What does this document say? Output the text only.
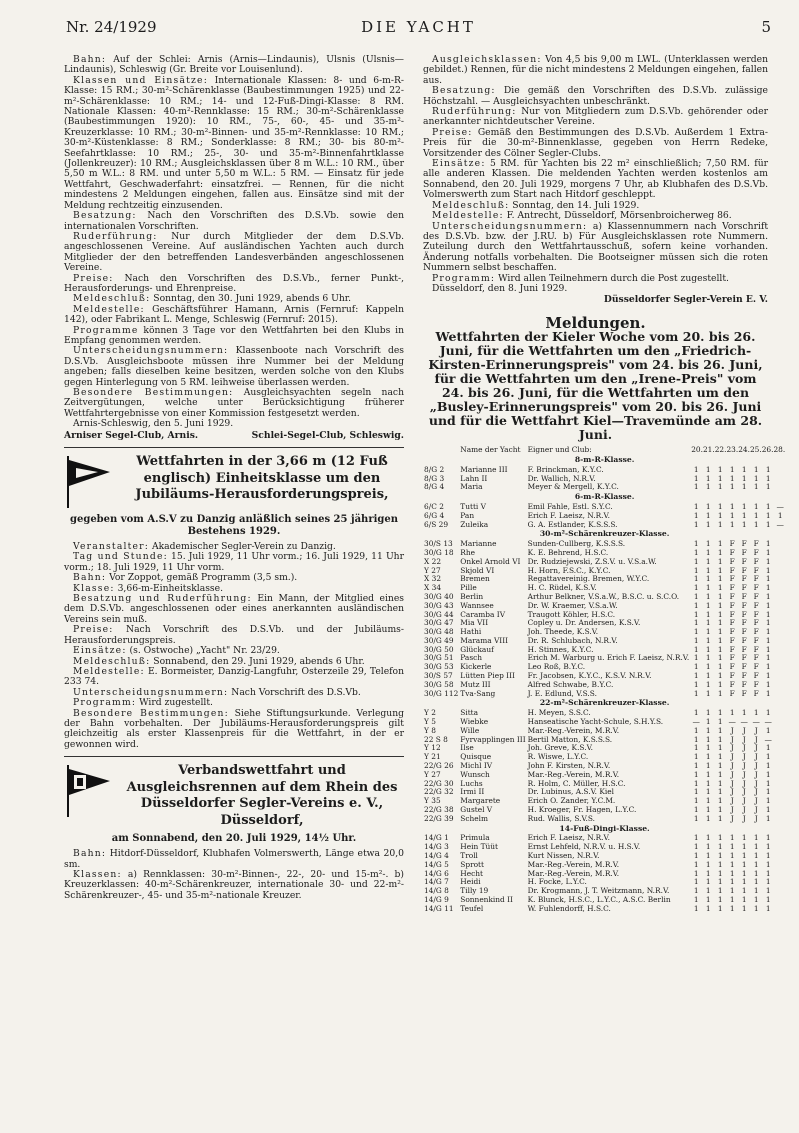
Nr. 24/1929	DIE YACHT	5
Bahn: Auf der Schlei: Arnis (Arnis—Lindaunis), Ulsnis (Ulsnis—Lindaunis), Schleswig (Gr. Breite vor Louisenlund).
Klassen und Einsätze: Internationale Klassen: 8- und 6-m-R-Klasse: 15 RM.; 30-m²-Schärenklasse (Baubestimmungen 1925) und 22-m²-Schärenklasse: 10 RM.; 14- und 12-Fuß-Dingi-Klasse: 8 RM. Nationale Klassen: 40-m²-Rennklasse: 15 RM.; 30-m²-Schärenklasse (Baubestimmungen 1920): 10 RM., 75-, 60-, 45- und 35-m²-Kreuzerklasse: 10 RM.; 30-m²-Binnen- und 35-m²-Rennklasse: 10 RM.; 30-m²-Küstenklasse: 8 RM.; Sonderklasse: 8 RM.; 30- bis 80-m²-Seefahrtklasse: 10 RM.; 25-, 30- und 35-m²-Binnenfahrtklasse (Jollenkreuzer): 10 RM.; Ausgleichsklassen über 8 m W.L.: 10 RM., über 5,50 m W.L.: 8 RM. und unter 5,50 m W.L.: 5 RM. — Einsatz für jede Wettfahrt, Geschwaderfahrt: einsatzfrei. — Rennen, für die nicht mindestens 2 Meldungen eingehen, fallen aus. Einsätze sind mit der Meldung rechtzeitig einzusenden.
Besatzung: Nach den Vorschriften des D.S.Vb. sowie den internationalen Vorschriften.
Ruderführung: Nur durch Mitglieder der dem D.S.Vb. angeschlossenen Vereine. Auf ausländischen Yachten auch durch Mitglieder der den betreffenden Landesverbänden angeschlossenen Vereine.
Preise: Nach den Vorschriften des D.S.Vb., ferner Punkt-, Herausforderungs- und Ehrenpreise.
Meldeschluß: Sonntag, den 30. Juni 1929, abends 6 Uhr.
Meldestelle: Geschäftsführer Hamann, Arnis (Fernruf: Kappeln 142), oder Fabrikant L. Menge, Schleswig (Fernruf: 2015).
Programme können 3 Tage vor den Wettfahrten bei den Klubs in Empfang genommen werden.
Unterscheidungsnummern: Klassenboote nach Vorschrift des D.S.Vb. Ausgleichsboote müssen ihre Nummer bei der Meldung angeben; falls dieselben keine besitzen, werden solche von den Klubs gegen Hinterlegung von 5 RM. leihweise überlassen werden.
Besondere Bestimmungen: Ausgleichsyachten segeln nach Zeitvergütungen, welche unter Berücksichtigung früherer Wettfahrtergebnisse von einer Kommission festgesetzt werden.
Arnis-Schleswig, den 5. Juni 1929.
Arniser Segel-Club, Arnis.	Schlei-Segel-Club, Schleswig.
Wettfahrten in der 3,66 m (12 Fuß englisch) Einheitsklasse um den Jubiläums-Herausforderungspreis,
gegeben vom A.S.V zu Danzig anläßlich seines 25 jährigen Bestehens 1929.
Veranstalter: Akademischer Segler-Verein zu Danzig.
Tag und Stunde: 15. Juli 1929, 11 Uhr vorm.; 16. Juli 1929, 11 Uhr vorm.; 18. Juli 1929, 11 Uhr vorm.
Bahn: Vor Zoppot, gemäß Programm (3,5 sm.).
Klasse: 3,66-m-Einheitsklasse.
Besatzung und Ruderführung: Ein Mann, der Mitglied eines dem D.S.Vb. angeschlossenen oder eines anerkannten ausländischen Vereins sein muß.
Preise: Nach Vorschrift des D.S.Vb. und der Jubiläums-Herausforderungspreis.
Einsätze: (s. Ostwoche) „Yacht" Nr. 23/29.
Meldeschluß: Sonnabend, den 29. Juni 1929, abends 6 Uhr.
Meldestelle: E. Bormeister, Danzig-Langfuhr, Osterzeile 29, Telefon 233 74.
Unterscheidungsnummern: Nach Vorschrift des D.S.Vb.
Programm: Wird zugestellt.
Besondere Bestimmungen: Siehe Stiftungsurkunde. Verlegung der Bahn vorbehalten. Der Jubiläums-Herausforderungspreis gilt gleichzeitig als erster Klassenpreis für die Wettfahrt, in der er gewonnen wird.
Verbandswettfahrt und Ausgleichsrennen auf dem Rhein des Düsseldorfer Segler-Vereins e. V., Düsseldorf,
am Sonnabend, den 20. Juli 1929, 14½ Uhr.
Bahn: Hitdorf-Düsseldorf, Klubhafen Volmerswerth, Länge etwa 20,0 sm.
Klassen: a) Rennklassen: 30-m²-Binnen-, 22-, 20- und 15-m²-. b) Kreuzerklassen: 40-m²-Schärenkreuzer, internationale 30- und 22-m²-Schärenkreuzer-, 45- und 35-m²-nationale Kreuzer.
Ausgleichsklassen: Von 4,5 bis 9,00 m LWL. (Unterklassen werden gebildet.) Rennen, für die nicht mindestens 2 Meldungen eingehen, fallen aus.
Besatzung: Die gemäß den Vorschriften des D.S.Vb. zulässige Höchstzahl. — Ausgleichsyachten unbeschränkt.
Ruderführung: Nur von Mitgliedern zum D.S.Vb. gehörender oder anerkannter nichtdeutscher Vereine.
Preise: Gemäß den Bestimmungen des D.S.Vb. Außerdem 1 Extra-Preis für die 30-m²-Binnenklasse, gegeben von Herrn Redeke, Vorsitzender des Cölner Segler-Clubs.
Einsätze: 5 RM. für Yachten bis 22 m² einschließlich; 7,50 RM. für alle anderen Klassen. Die meldenden Yachten werden kostenlos am Sonnabend, den 20. Juli 1929, morgens 7 Uhr, ab Klubhafen des D.S.Vb. Volmerswerth zum Start nach Hitdorf geschleppt.
Meldeschluß: Sonntag, den 14. Juli 1929.
Meldestelle: F. Antrecht, Düsseldorf, Mörsenbroicherweg 86.
Unterscheidungsnummern: a) Klassennummern nach Vorschrift des D.S.Vb. bzw. der J.RU. b) Für Ausgleichsklassen rote Nummern. Zuteilung durch den Wettfahrtausschuß, sofern keine vorhanden. Änderung notfalls vorbehalten. Die Bootseigner müssen sich die roten Nummern selbst beschaffen.
Programm: Wird allen Teilnehmern durch die Post zugestellt.
Düsseldorf, den 8. Juni 1929.
Düsseldorfer Segler-Verein E. V.
Meldungen.
Wettfahrten der Kieler Woche vom 20. bis 26. Juni, für die Wettfahrten um den „Friedrich-Kirsten-Erinnerungspreis" vom 24. bis 26. Juni, für die Wettfahrten um den „Irene-Preis" vom 24. bis 26. Juni, für die Wettfahrten um den „Busley-Erinnerungspreis" vom 20. bis 26. Juni und für die Wettfahrt Kiel—Travemünde am 28. Juni.
	Name der Yacht	Eigner und Club:	20.21.22.23.24.25.26.28.							
8-m-R-Klasse.										
8/G 2	Marianne III	F. Brinckman, K.Y.C.	1	1	1	1	1	1	1	
8/G 3	Lahn II	Dr. Wallich, N.R.V.	1	1	1	1	1	1	1	
8/G 4	Maria	Meyer & Mergell, K.Y.C.	1	1	1	1	1	1	1	
6-m-R-Klasse.										
6/C 2	Tutti V	Emil Fahle, Estl. S.Y.C.	1	1	1	1	1	1	1	—
6/G 4	Pan	Erich F. Laeisz, N.R.V.	1	1	1	1	1	1	1	1
6/S 29	Zuleika	G. A. Estlander, K.S.S.S.	1	1	1	1	1	1	1	—
30-m²-Schärenkreuzer-Klasse.										
30/S 13	Marianne	Sunden-Cullberg, K.S.S.S.	1	1	1	F	F	F	1	
30/G 18	Rhe	K. E. Behrend, H.S.C.	1	1	1	F	F	F	1	
X 22	Onkel Arnold VI	Dr. Rudziejewski, Z.S.V. u. V.S.a.W.	1	1	1	F	F	F	1	
Y 27	Skjold VI	H. Horn, F.S.C., K.Y.C.	1	1	1	F	F	F	1	
X 32	Bremen	Regattavereinig. Bremen, W.Y.C.	1	1	1	F	F	F	1	
X 34	Pille	H. C. Rüdel, K.S.V.	1	1	1	F	F	F	1	
30/G 40	Berlin	Arthur Belkner, V.S.a.W., B.S.C. u. S.C.O.	1	1	1	F	F	F	1	
30/G 43	Wannsee	Dr. W. Kraemer, V.S.a.W.	1	1	1	F	F	F	1	
30/G 44	Caramba IV	Traugott Köhler, H.S.C.	1	1	1	F	F	F	1	
30/G 47	Mia VII	Copley u. Dr. Andersen, K.S.V.	1	1	1	F	F	F	1	
30/G 48	Hathi	Joh. Theede, K.S.V.	1	1	1	F	F	F	1	
30/G 49	Marama VIII	Dr. R. Schlubach, N.R.V.	1	1	1	F	F	F	1	
30/G 50	Glückauf	H. Stinnes, K.Y.C.	1	1	1	F	F	F	1	
30/G 51	Pasch	Erich M. Warburg u. Erich F. Laeisz, N.R.V.	1	1	1	F	F	F	1	
30/G 53	Kickerle	Leo Roß, B.Y.C.	1	1	1	F	F	F	1	
30/S 57	Lütten Piep III	Fr. Jacobsen, K.Y.C., K.S.V. N.R.V.	1	1	1	F	F	F	1	
30/G 58	Mutz III	Alfred Schwabe, B.Y.C.	1	1	1	F	F	F	1	
30/G 112	Tva-Sang	J. E. Edlund, V.S.S.	1	1	1	F	F	F	1	
22-m²-Schärenkreuzer-Klasse.										
Y 2	Sitta	H. Meyen, S.S.C.	1	1	1	1	1	1	1	
Y 5	Wiebke	Hanseatische Yacht-Schule, S.H.Y.S.	—	1	1	—	—	—	—	
Y 8	Wille	Mar.-Reg.-Verein, M.R.V.	1	1	1	J	J	J	1	
22 S 8	Fyrvapplingen III	Bertil Matton, K.S.S.S.	1	1	1	J	J	J	—	
Y 12	Ilse	Joh. Greve, K.S.V.	1	1	1	J	J	J	1	
Y 21	Quisque	R. Wiswe, L.Y.C.	1	1	1	J	J	J	1	
22/G 26	Michl IV	John F. Kirsten, N.R.V.	1	1	1	J	J	J	1	
Y 27	Wunsch	Mar.-Reg.-Verein, M.R.V.	1	1	1	J	J	J	1	
22/G 30	Luchs	R. Holm, C. Müller, H.S.C.	1	1	1	J	J	J	1	
22/G 32	Irmi II	Dr. Lubinus, A.S.V. Kiel	1	1	1	J	J	J	1	
Y 35	Margarete	Erich O. Zander, Y.C.M.	1	1	1	J	J	J	1	
22/G 38	Gustel V	H. Kroeger, Fr. Hagen, L.Y.C.	1	1	1	J	J	J	1	
22/G 39	Schelm	Rud. Wallis, S.V.S.	1	1	1	J	J	J	1	
14-Fuß-Dingi-Klasse.										
14/G 1	Primula	Erich F. Laeisz, N.R.V.	1	1	1	1	1	1	1	
14/G 3	Hein Tüüt	Ernst Lehfeld, N.R.V. u. H.S.V.	1	1	1	1	1	1	1	
14/G 4	Troll	Kurt Nissen, N.R.V.	1	1	1	1	1	1	1	
14/G 5	Sprott	Mar.-Reg.-Verein, M.R.V.	1	1	1	1	1	1	1	
14/G 6	Hecht	Mar.-Reg.-Verein, M.R.V.	1	1	1	1	1	1	1	
14/G 7	Heidi	H. Focke, L.Y.C.	1	1	1	1	1	1	1	
14/G 8	Tilly 19	Dr. Krogmann, J. T. Weitzmann, N.R.V.	1	1	1	1	1	1	1	
14/G 9	Sonnenkind II	K. Blunck, H.S.C., L.Y.C., A.S.C. Berlin	1	1	1	1	1	1	1	
14/G 11	Teufel	W. Fuhlendorff, H.S.C.	1	1	1	1	1	1	1	
